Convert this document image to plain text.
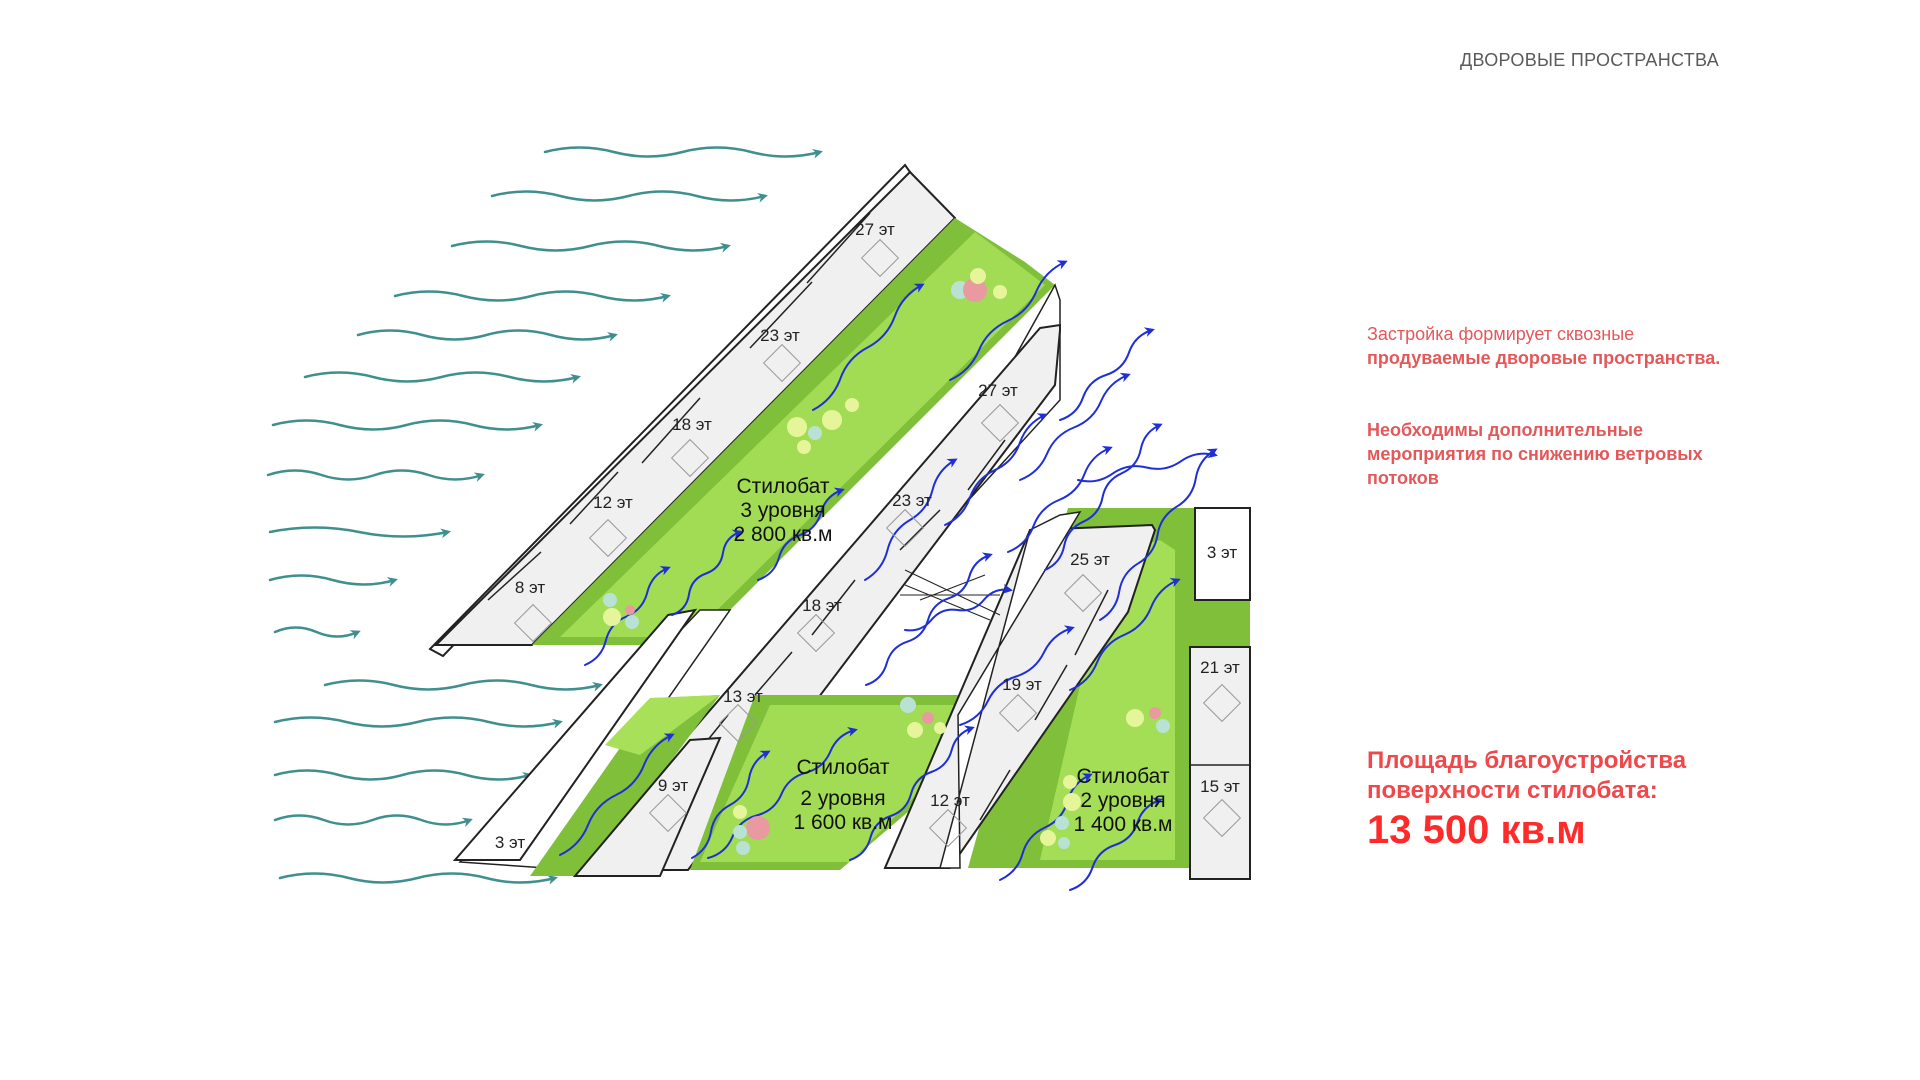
ДВОРОВЫЕ ПРОСТРАНСТВА
27 эт
23 эт
18 эт
12 эт
8 эт
27 эт
23 эт
18 эт
13 эт
9 эт
3 эт
25 эт
19 эт
12 эт
3 эт
21 эт
15 эт
Стилобат
3 уровня
2 800 кв.м
Стилобат
2 уровня
1 600 кв.м
Стилобат
2 уровня
1 400 кв.м
Застройка формирует сквозные
продуваемые дворовые пространства.
Необходимы дополнительные мероприятия по снижению ветровых потоков
Площадь благоустройства поверхности стилобата:
13 500 кв.м
